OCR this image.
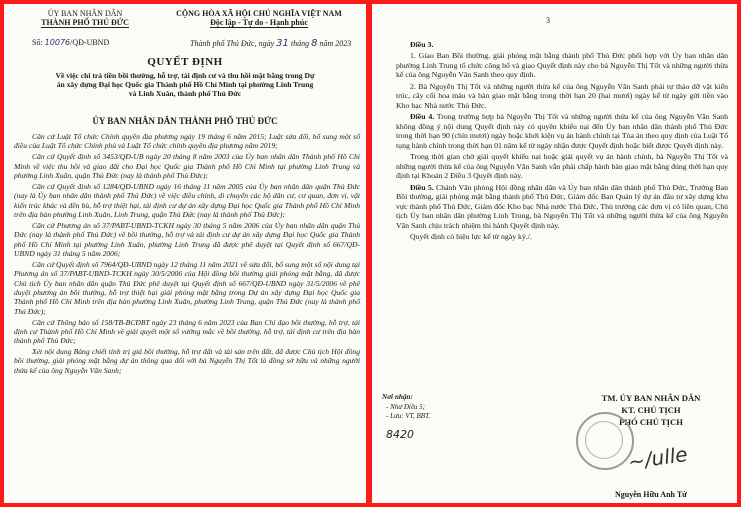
ỦY BAN NHÂN DÂN
THÀNH PHỐ THỦ ĐỨC
CỘNG HÒA XÃ HỘI CHỦ NGHĨA VIỆT NAM
Độc lập - Tự do - Hạnh phúc
Số: 10076/QĐ-UBND	Thành phố Thủ Đức, ngày 31 tháng 8 năm 2023
QUYẾT ĐỊNH
Về việc chi trả tiền bồi thường, hỗ trợ, tái định cư và thu hồi mặt bằng trong Dự án xây dựng Đại học Quốc gia Thành phố Hồ Chí Minh tại phường Linh Trung và Linh Xuân, thành phố Thủ Đức
ỦY BAN NHÂN DÂN THÀNH PHỐ THỦ ĐỨC

Căn cứ Luật Tổ chức Chính quyền địa phương ngày 19 tháng 6 năm 2015; Luật sửa đổi, bổ sung một số điều của Luật Tổ chức Chính phủ và Luật Tổ chức chính quyền địa phương năm 2019;

Căn cứ Quyết định số 3453/QĐ-UB ngày 20 tháng 8 năm 2003 của Ủy ban nhân dân Thành phố Hồ Chí Minh về việc thu hồi và giao đất cho Đại học Quốc gia Thành phố Hồ Chí Minh tại phường Linh Trung và phường Linh Xuân, quận Thủ Đức (nay là thành phố Thủ Đức);

Căn cứ Quyết định số 1284/QĐ-UBND ngày 16 tháng 11 năm 2005 của Ủy ban nhân dân quận Thủ Đức (nay là Ủy ban nhân dân thành phố Thủ Đức) về việc điều chỉnh, di chuyển các hộ dân cư, cơ quan, đơn vị, vật kiến trúc khác và đền bù, hỗ trợ thiệt hại, tái định cư dự án xây dựng Đại học Quốc gia Thành phố Hồ Chí Minh trên địa bàn phường Linh Xuân, Linh Trung, quận Thủ Đức (nay là thành phố Thủ Đức);

Căn cứ Phương án số 37/PABT-UBND-TCKH ngày 30 tháng 5 năm 2006 của Ủy ban nhân dân quận Thủ Đức (nay là thành phố Thủ Đức) về bồi thường, hỗ trợ và tái định cư dự án xây dựng Đại học Quốc gia Thành phố Hồ Chí Minh tại phường Linh Xuân, phường Linh Trung đã được phê duyệt tại Quyết định số 667/QĐ-UBND ngày 31 tháng 5 năm 2006;

Căn cứ Quyết định số 7964/QĐ-UBND ngày 12 tháng 11 năm 2021 về sửa đổi, bổ sung một số nội dung tại Phương án số 37/PABT-UBND-TCKH ngày 30/5/2006 của Hội đồng bồi thường giải phóng mặt bằng, đã được Chủ tịch Ủy ban nhân dân quận Thủ Đức phê duyệt tại Quyết định số 667/QĐ-UBND ngày 31/5/2006 về phê duyệt phương án bồi thường, hỗ trợ thiệt hại giải phóng mặt bằng trong Dự án xây dựng Đại học Quốc gia Thành phố Hồ Chí Minh trên địa bàn phường Linh Xuân, phường Linh Trung, quận Thủ Đức (nay là thành phố Thủ Đức);

Căn cứ Thông báo số 158/TB-BCĐBT ngày 23 tháng 6 năm 2023 của Ban Chỉ đạo bồi thường, hỗ trợ, tái định cư Thành phố Hồ Chí Minh về giải quyết một số vướng mắc về bồi thường, hỗ trợ, tái định cư trên địa bàn thành phố Thủ Đức;

Xét nội dung Bảng chiết tính trị giá bồi thường, hỗ trợ đất và tài sản trên đất, đã được Chủ tịch Hội đồng bồi thường, giải phóng mặt bằng dự án thông qua đối với bà Nguyễn Thị Tốt là đồng sở hữu và những người thừa kế của ông Nguyễn Văn Sanh;

3

Điều 3.

1. Giao Ban Bồi thường, giải phóng mặt bằng thành phố Thủ Đức phối hợp với Ủy ban nhân dân phường Linh Trung tổ chức công bố và giao Quyết định này cho bà Nguyễn Thị Tốt và những người thừa kế của ông Nguyễn Văn Sanh theo quy định.

2. Bà Nguyễn Thị Tốt và những người thừa kế của ông Nguyễn Văn Sanh phải tự tháo dỡ vật kiến trúc, cây cối hoa màu và bàn giao mặt bằng trong thời hạn 20 (hai mươi) ngày kể từ ngày gửi tiền vào Kho bạc Nhà nước Thủ Đức.

Điều 4. Trong trường hợp bà Nguyễn Thị Tốt và những người thừa kế của ông Nguyễn Văn Sanh không đồng ý nội dung Quyết định này có quyền khiếu nại đến Ủy ban nhân dân thành phố Thủ Đức trong thời hạn 90 (chín mươi) ngày hoặc khởi kiện vụ án hành chính tại Tòa án theo quy định của Luật Tố tụng hành chính trong thời hạn 01 năm kể từ ngày nhận được Quyết định hoặc biết được Quyết định này.

Trong thời gian chờ giải quyết khiếu nại hoặc giải quyết vụ án hành chính, bà Nguyễn Thị Tốt và những người thừa kế của ông Nguyễn Văn Sanh vẫn phải chấp hành bàn giao mặt bằng đúng thời hạn quy định tại Khoản 2 Điều 3 Quyết định này.

Điều 5. Chánh Văn phòng Hội đồng nhân dân và Ủy ban nhân dân thành phố Thủ Đức, Trưởng Ban Bồi thường, giải phóng mặt bằng thành phố Thủ Đức, Giám đốc Ban Quản lý dự án đầu tư xây dựng khu vực thành phố Thủ Đức, Giám đốc Kho bạc Nhà nước Thủ Đức, Thủ trưởng các đơn vị có liên quan, Chủ tịch Ủy ban nhân dân phường Linh Trung, bà Nguyễn Thị Tốt và những người thừa kế của ông Nguyễn Văn Sanh chịu trách nhiệm thi hành Quyết định này.

Quyết định có hiệu lực kể từ ngày ký./.

Nơi nhận:
- Như Điều 5;
- Lưu: VT, BBT.
8420
TM. ỦY BAN NHÂN DÂN
KT. CHỦ TỊCH
PHÓ CHỦ TỊCH
~/ulle
Nguyễn Hữu Anh Tứ
